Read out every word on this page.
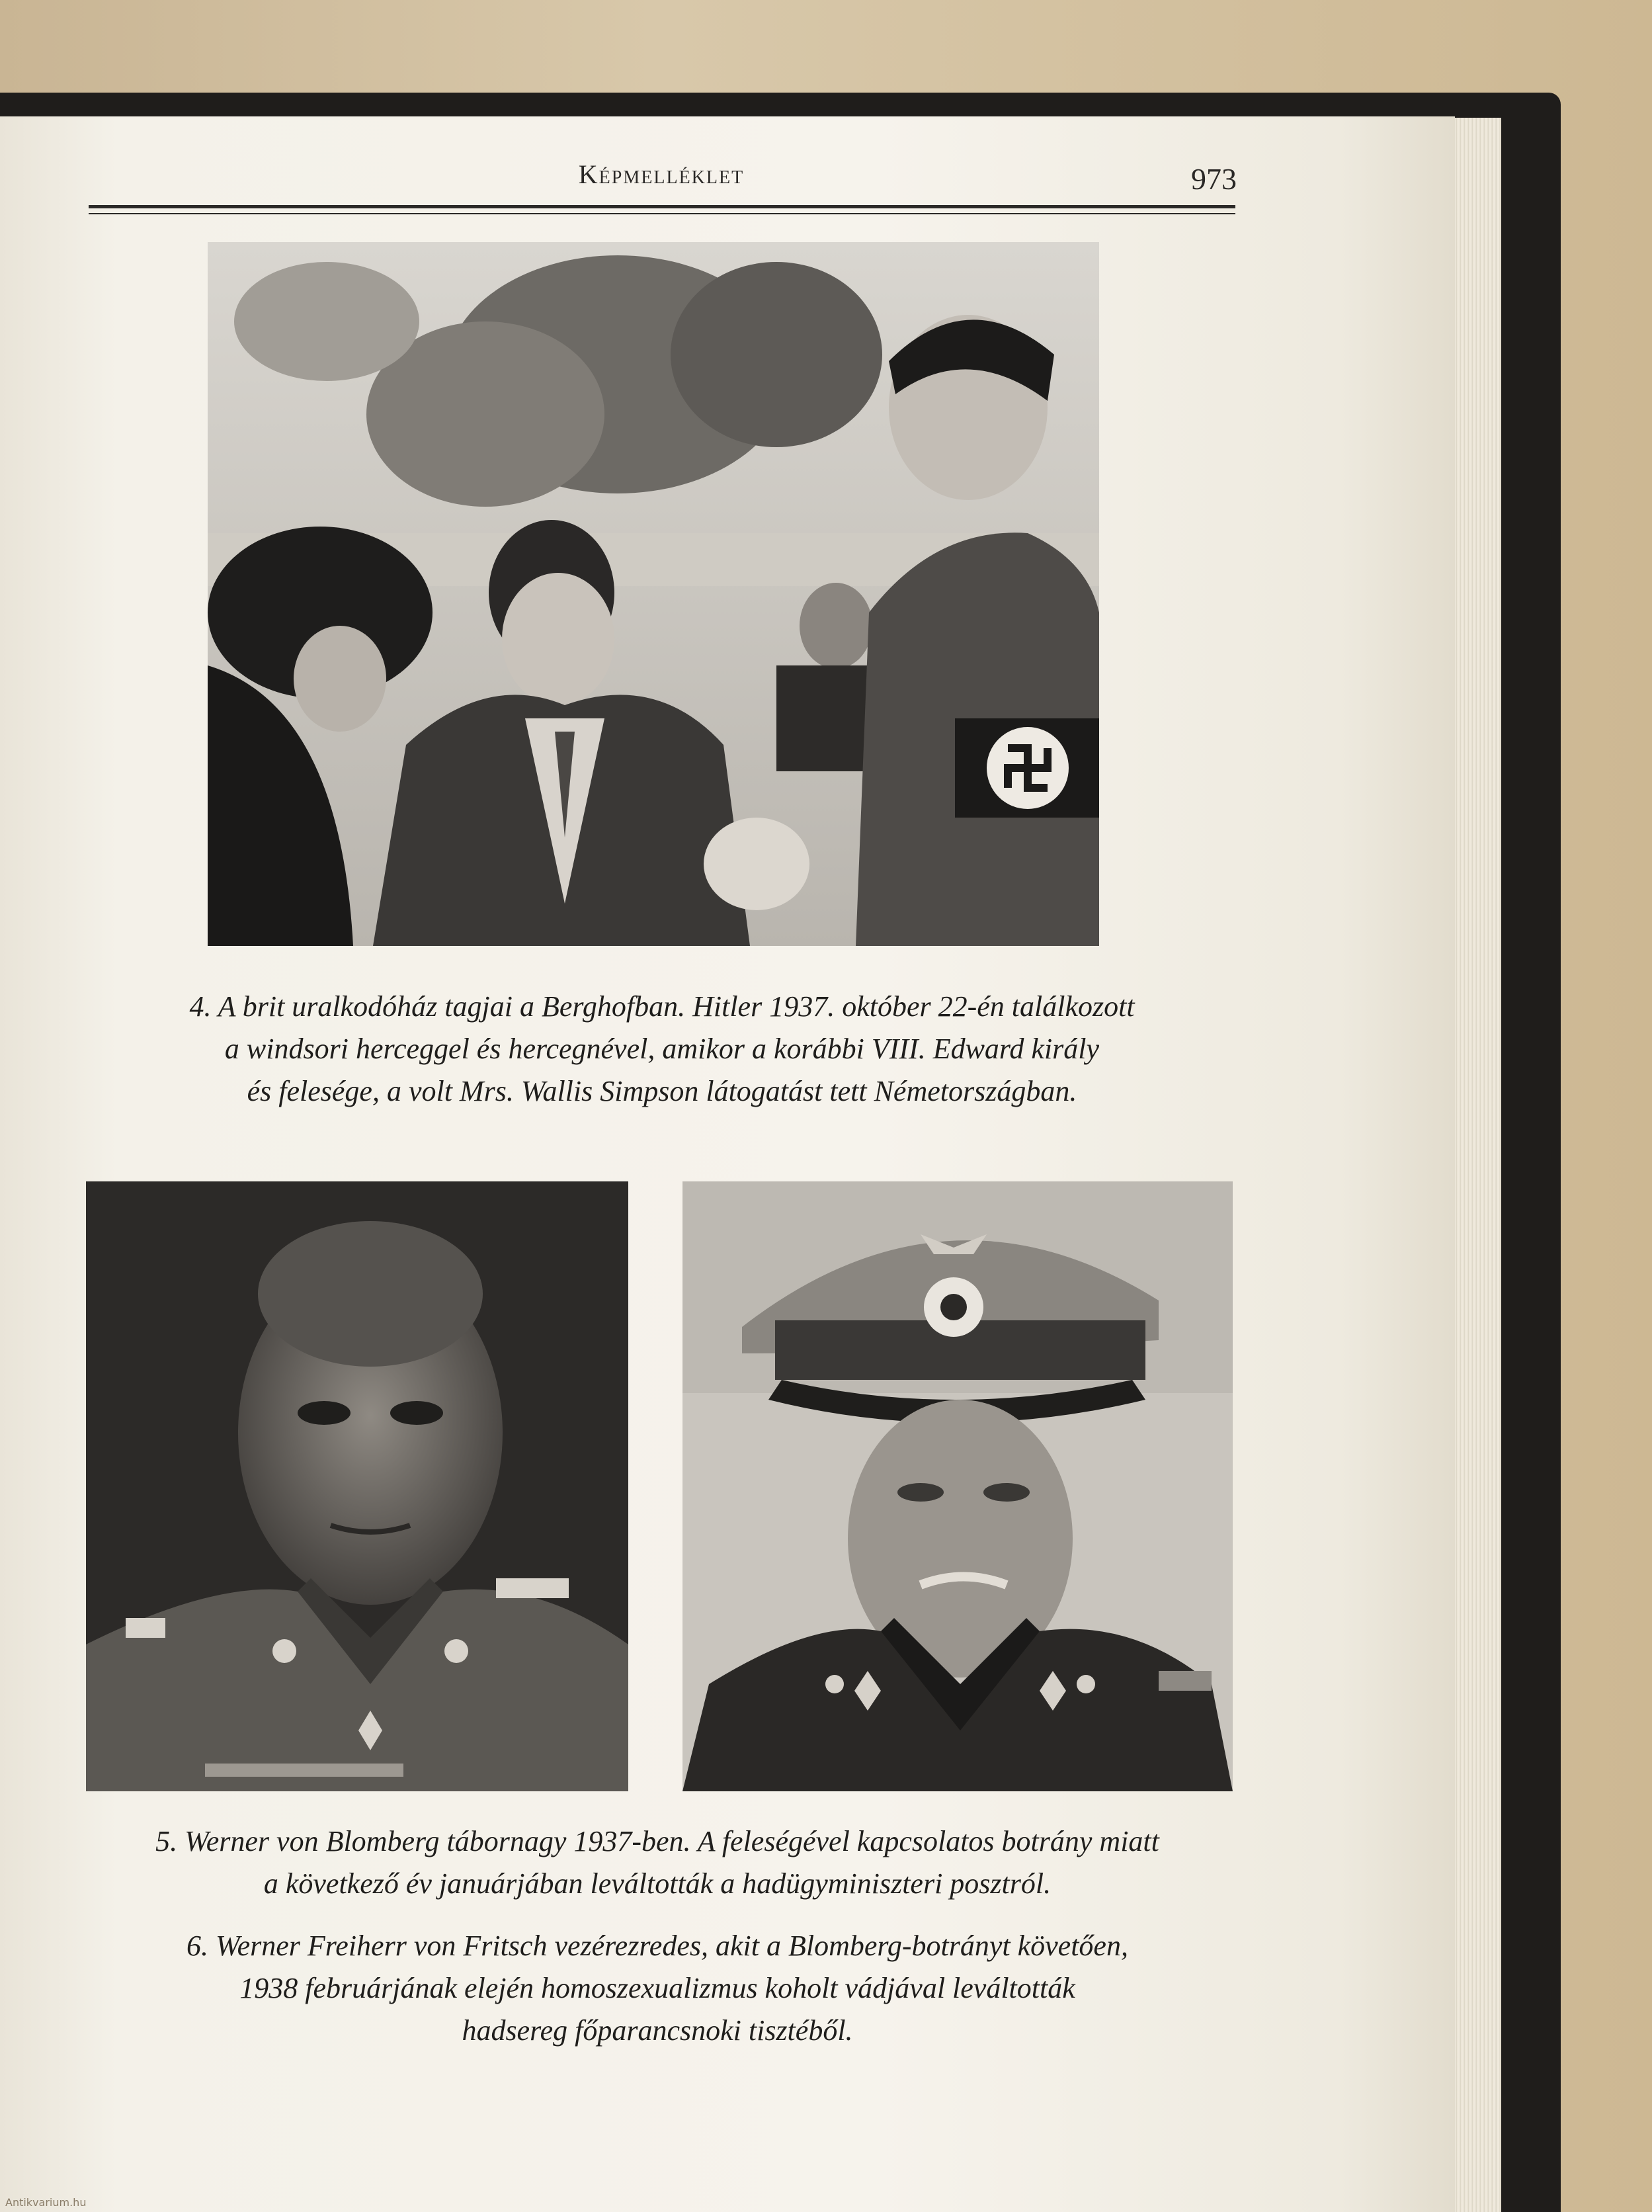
Képmelléklet	973
4. A brit uralkodóház tagjai a Berghofban. Hitler 1937. október 22-én találkozott
a windsori herceggel és hercegnével, amikor a korábbi VIII. Edward király
és felesége, a volt Mrs. Wallis Simpson látogatást tett Németországban.
5. Werner von Blomberg tábornagy 1937-ben. A feleségével kapcsolatos botrány miatt
a következő év januárjában leváltották a hadügyminiszteri posztról.
6. Werner Freiherr von Fritsch vezérezredes, akit a Blomberg-botrányt követően,
1938 februárjának elején homoszexualizmus koholt vádjával leváltották
hadsereg főparancsnoki tisztéből.
Antikvarium.hu
